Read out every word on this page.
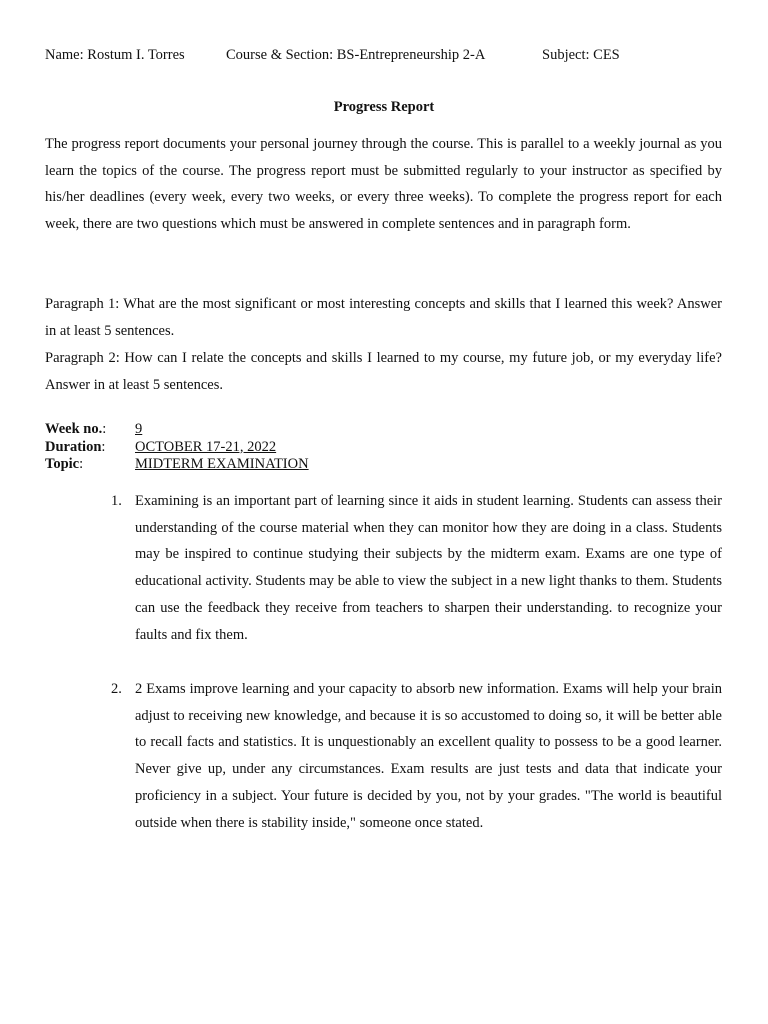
Name: Rostum I. Torres	Course & Section: BS-Entrepreneurship 2-A	Subject: CES
Progress Report

The progress report documents your personal journey through the course. This is parallel to a weekly journal as you learn the topics of the course. The progress report must be submitted regularly to your instructor as specified by his/her deadlines (every week, every two weeks, or every three weeks). To complete the progress report for each week, there are two questions which must be answered in complete sentences and in paragraph form.

Paragraph 1: What are the most significant or most interesting concepts and skills that I learned this week? Answer in at least 5 sentences.

Paragraph 2: How can I relate the concepts and skills I learned to my course, my future job, or my everyday life? Answer in at least 5 sentences.

Week no.: 9
Duration: OCTOBER 17-21, 2022
Topic:	MIDTERM EXAMINATION
1. Examining is an important part of learning since it aids in student learning. Students can assess their understanding of the course material when they can monitor how they are doing in a class. Students may be inspired to continue studying their subjects by the midterm exam. Exams are one type of educational activity. Students may be able to view the subject in a new light thanks to them. Students can use the feedback they receive from teachers to sharpen their understanding. to recognize your faults and fix them.

2. 2 Exams improve learning and your capacity to absorb new information. Exams will help your brain adjust to receiving new knowledge, and because it is so accustomed to doing so, it will be better able to recall facts and statistics. It is unquestionably an excellent quality to possess to be a good learner. Never give up, under any circumstances. Exam results are just tests and data that indicate your proficiency in a subject. Your future is decided by you, not by your grades. "The world is beautiful outside when there is stability inside," someone once stated.
